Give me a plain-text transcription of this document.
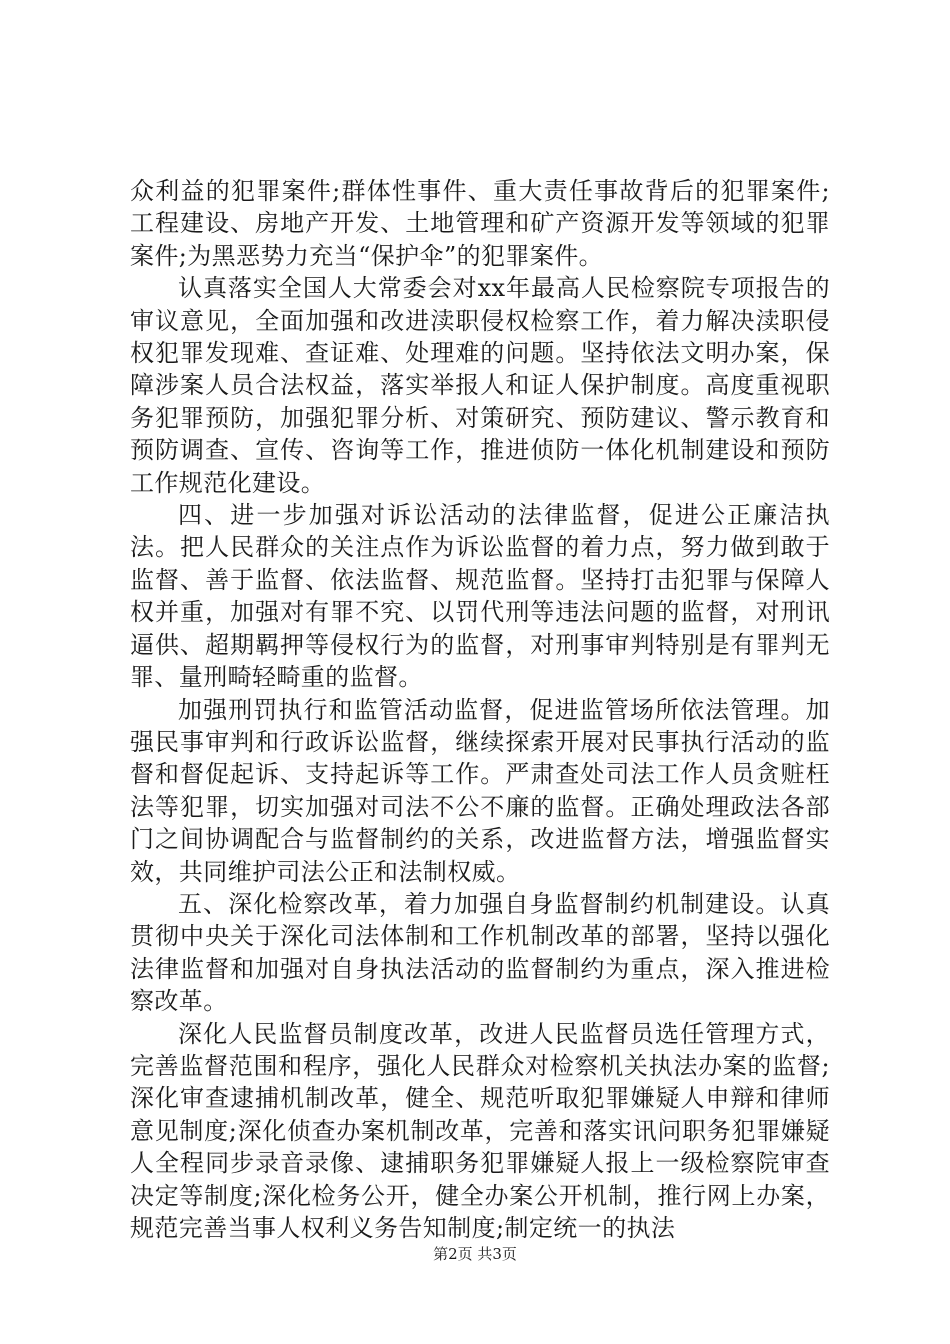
众利益的犯罪案件;群体性事件、重大责任事故背后的犯罪案件;工程建设、房地产开发、土地管理和矿产资源开发等领域的犯罪案件;为黑恶势力充当“保护伞”的犯罪案件。

认真落实全国人大常委会对xx年最高人民检察院专项报告的审议意见，全面加强和改进渎职侵权检察工作，着力解决渎职侵权犯罪发现难、查证难、处理难的问题。坚持依法文明办案，保障涉案人员合法权益，落实举报人和证人保护制度。高度重视职务犯罪预防，加强犯罪分析、对策研究、预防建议、警示教育和预防调查、宣传、咨询等工作，推进侦防一体化机制建设和预防工作规范化建设。

四、进一步加强对诉讼活动的法律监督，促进公正廉洁执法。把人民群众的关注点作为诉讼监督的着力点，努力做到敢于监督、善于监督、依法监督、规范监督。坚持打击犯罪与保障人权并重，加强对有罪不究、以罚代刑等违法问题的监督，对刑讯逼供、超期羁押等侵权行为的监督，对刑事审判特别是有罪判无罪、量刑畸轻畸重的监督。

加强刑罚执行和监管活动监督，促进监管场所依法管理。加强民事审判和行政诉讼监督，继续探索开展对民事执行活动的监督和督促起诉、支持起诉等工作。严肃查处司法工作人员贪赃枉法等犯罪，切实加强对司法不公不廉的监督。正确处理政法各部门之间协调配合与监督制约的关系，改进监督方法，增强监督实效，共同维护司法公正和法制权威。

五、深化检察改革，着力加强自身监督制约机制建设。认真贯彻中央关于深化司法体制和工作机制改革的部署，坚持以强化法律监督和加强对自身执法活动的监督制约为重点，深入推进检察改革。

深化人民监督员制度改革，改进人民监督员选任管理方式，完善监督范围和程序，强化人民群众对检察机关执法办案的监督;深化审查逮捕机制改革，健全、规范听取犯罪嫌疑人申辩和律师意见制度;深化侦查办案机制改革，完善和落实讯问职务犯罪嫌疑人全程同步录音录像、逮捕职务犯罪嫌疑人报上一级检察院审查决定等制度;深化检务公开，健全办案公开机制，推行网上办案，规范完善当事人权利义务告知制度;制定统一的执法

第2页 共3页
